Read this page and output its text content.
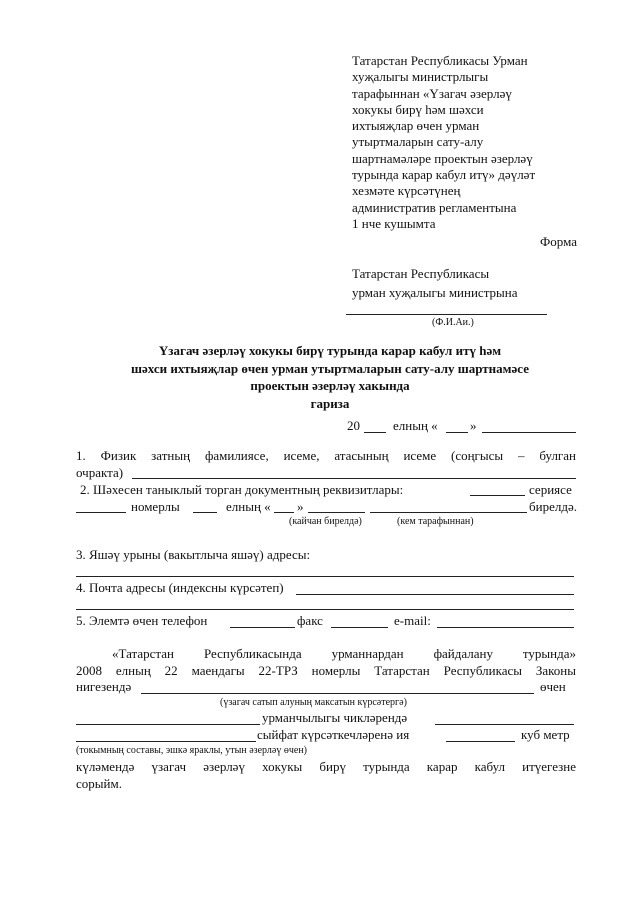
Татарстан Республикасы Урман
хуҗалыгы министрлыгы
тарафыннан «Үзагач әзерләү
хокукы бирү һәм шәхси
ихтыяҗлар өчен урман
утыртмаларын сату-алу
шартнамәләре проектын әзерләү
турында карар кабул итү» дәүләт
хезмәте күрсәтүнең
административ регламентына
1 нче кушымта
Форма
Татарстан Республикасы
урман хуҗалыгы министрына
(Ф.И.Аи.)
Үзагач әзерләү хокукы бирү турында карар кабул итү һәм
шәхси ихтыяҗлар өчен урман утыртмаларын сату-алу шартнамәсе
проектын әзерләү хакында
гариза
20	елның « »
1. Физик затның фамилиясе, исеме, атасының исеме (соңгысы – булган
очракта)
2. Шәхесен таныклый торган документның реквизитлары:	сериясе
номерлы	елның « »	бирелдә.
(кайчан бирелдә)	(кем тарафыннан)
3. Яшәү урыны (вакытлыча яшәү) адресы:
4. Почта адресы (индексны күрсәтеп)
5. Элемтә өчен телефон	факс	e-mail:
«Татарстан Республикасында урманнардан файдалану турында»
2008 елның 22 маендагы 22-ТРЗ номерлы Татарстан Республикасы Законы
нигезендә	өчен
(үзагач сатып алуның максатын күрсәтергә)
урманчылыгы чикләрендә
сыйфат күрсәткечләренә ия	куб метр
(токымның составы, эшкә яраклы, утын әзерләү өчен)
күләмендә үзагач әзерләү хокукы бирү турында карар кабул итүегезне
сорыйм.
